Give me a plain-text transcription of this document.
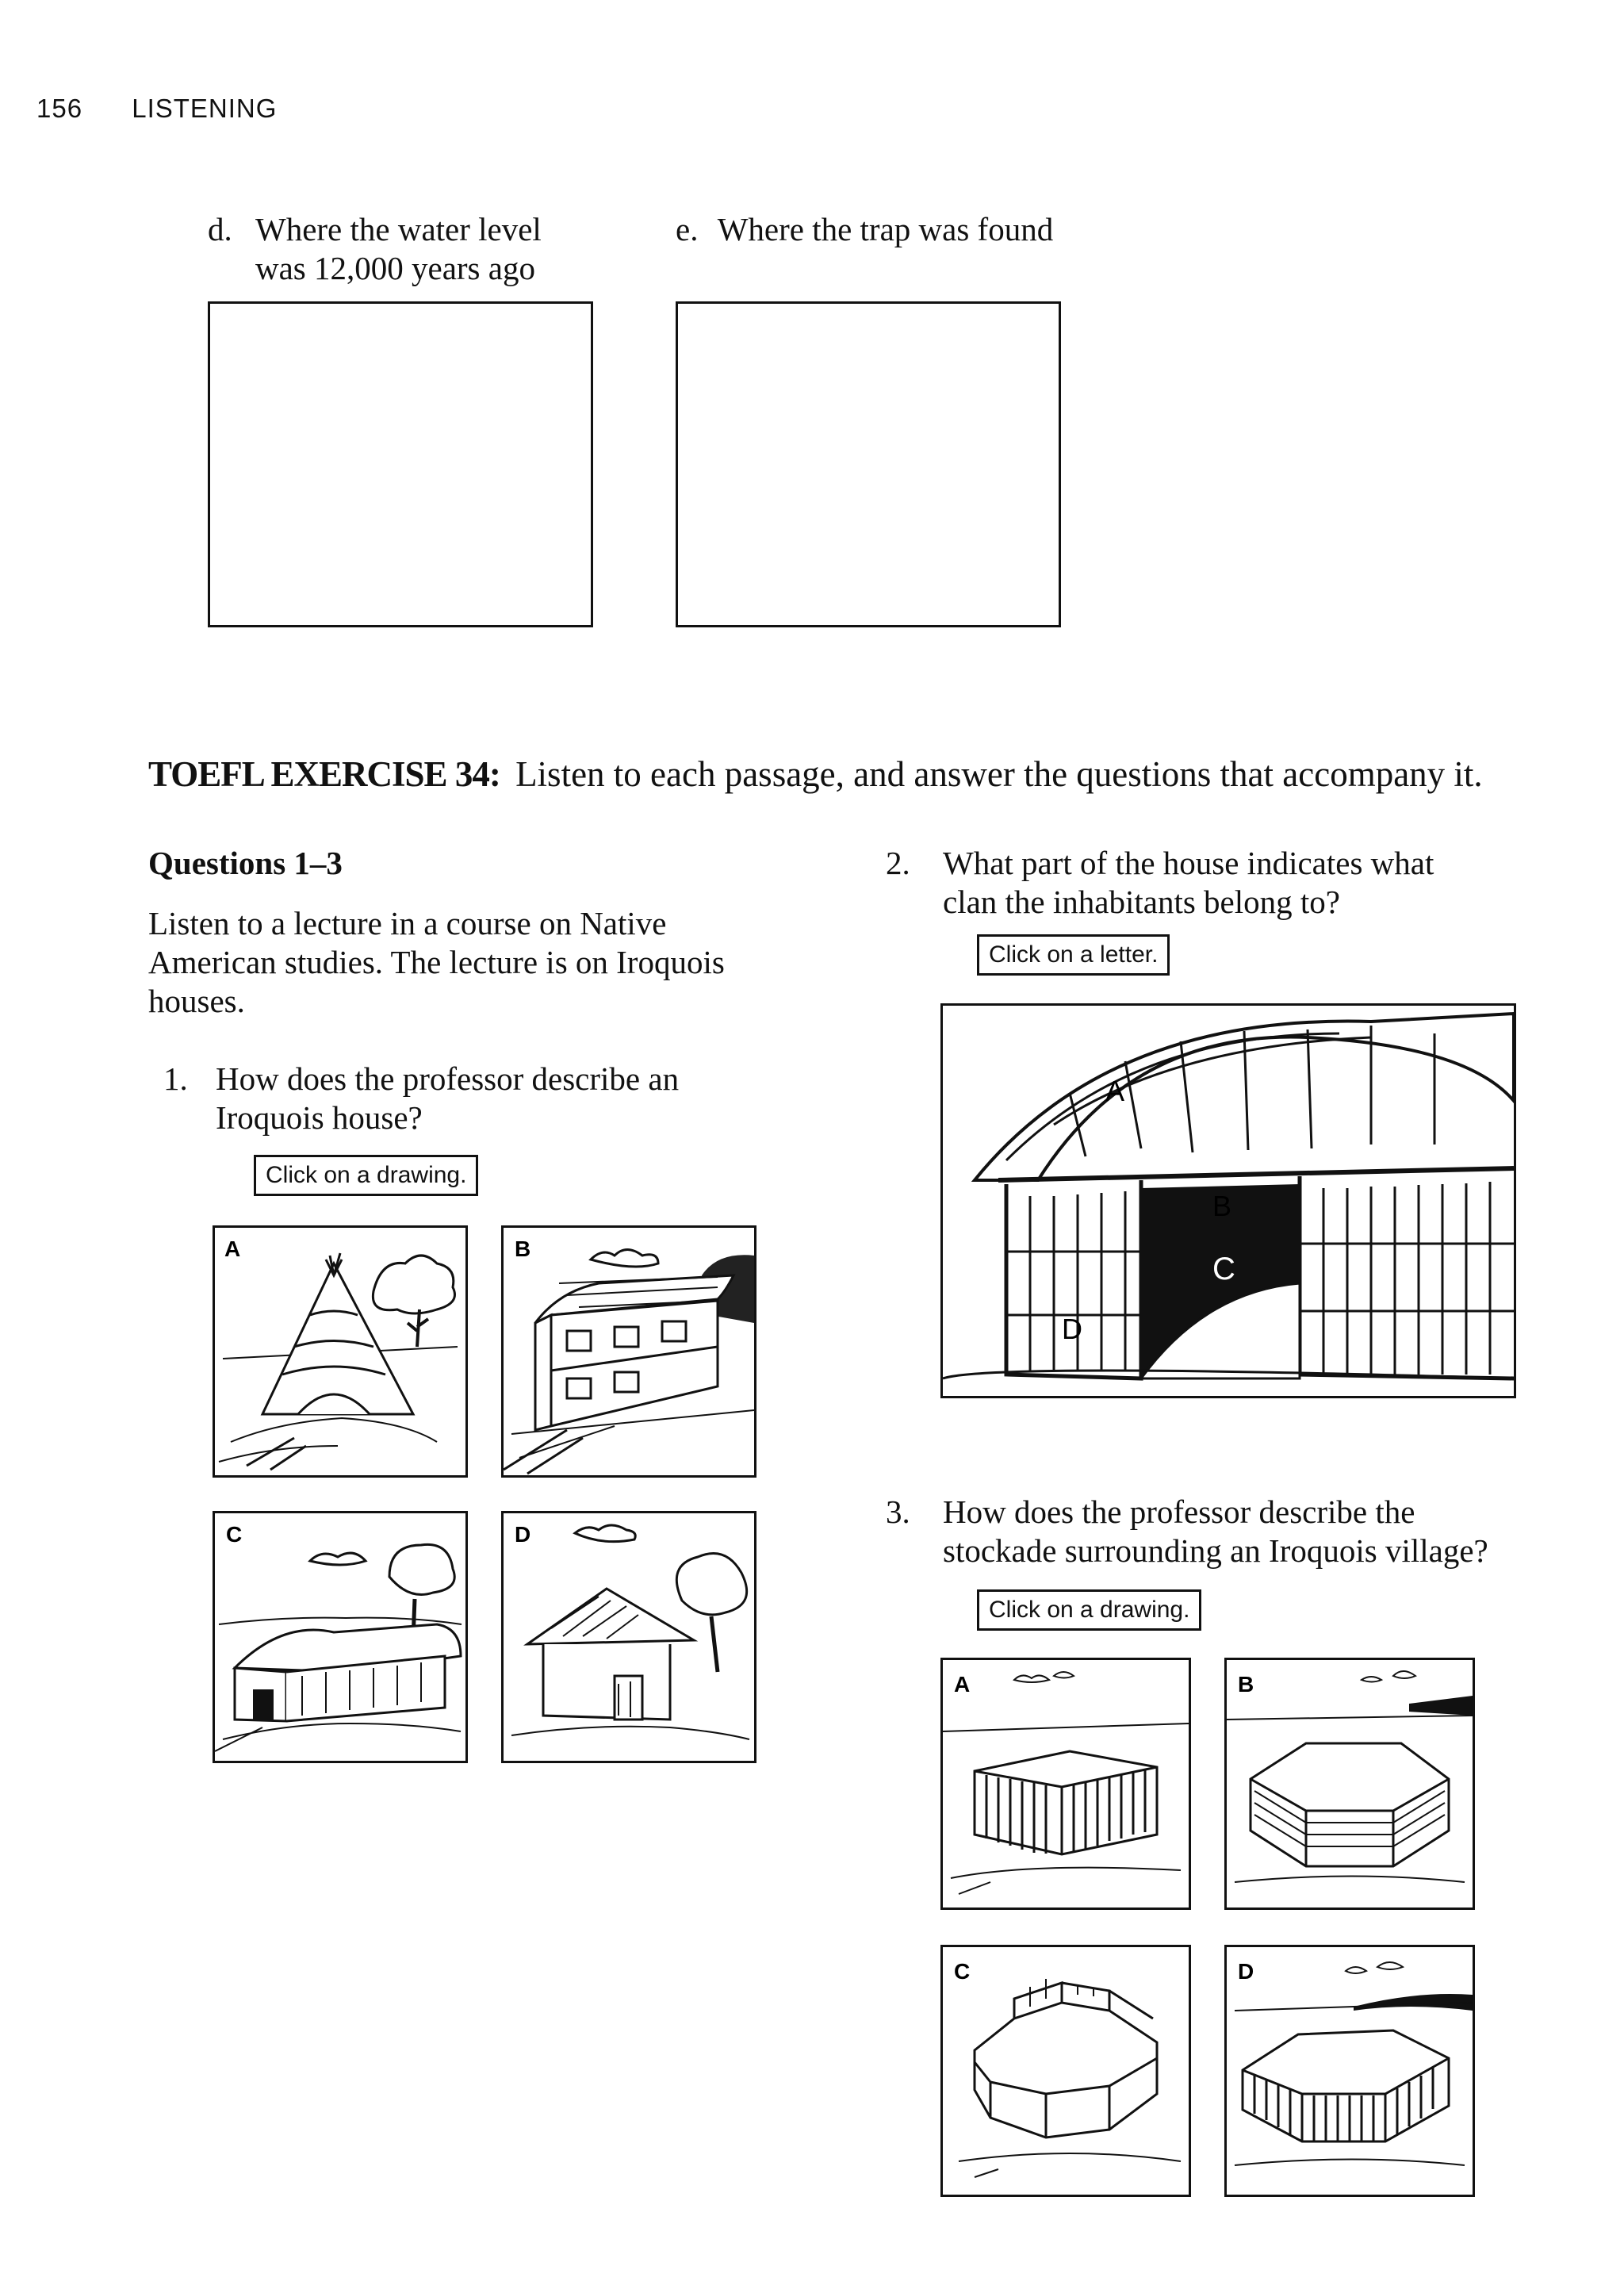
156 LISTENING
d. Where the water level
was 12,000 years ago
e. Where the trap was found
TOEFL EXERCISE 34: Listen to each passage, and answer the questions that accompany it.
Questions 1–3
Listen to a lecture in a course on Native
American studies. The lecture is on Iroquois
houses.
1. How does the professor describe an
Iroquois house?
Click on a drawing.
A	B
C	D
2. What part of the house indicates what
clan the inhabitants belong to?
Click on a letter.
A
B
C
D
3. How does the professor describe the
stockade surrounding an Iroquois village?
Click on a drawing.
A	B
C	D
